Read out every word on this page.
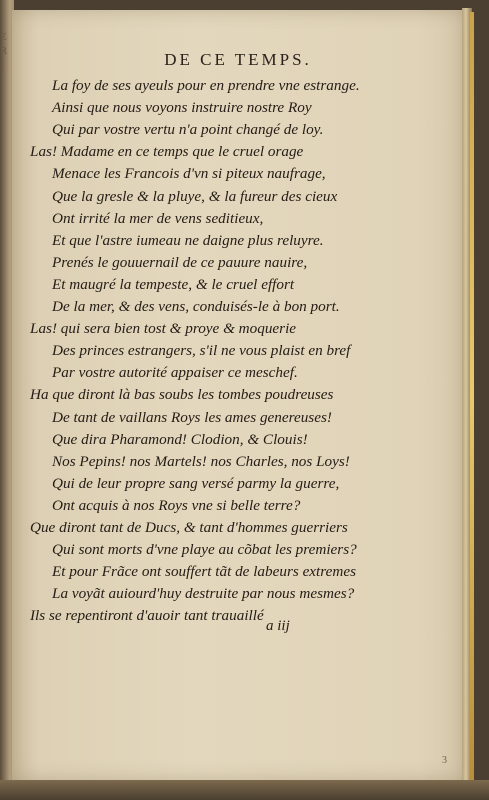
DE CE TEMPS.
La foy de ses ayeuls pour en prendre vne estrange.
Ainsi que nous voyons instruire nostre Roy
Qui par vostre vertu n'a point changé de loy.
Las! Madame en ce temps que le cruel orage
Menace les Francois d'vn si piteux naufrage,
Que la gresle & la pluye, & la fureur des cieux
Ont irrité la mer de vens seditieux,
Et que l'astre iumeau ne daigne plus reluyre.
Prenés le gouuernail de ce pauure nauire,
Et maugré la tempeste, & le cruel effort
De la mer, & des vens, conduisés-le à bon port.
Las! qui sera bien tost & proye & moquerie
Des princes estrangers, s'il ne vous plaist en bref
Par vostre autorité appaiser ce meschef.
Ha que diront là bas soubs les tombes poudreuses
De tant de vaillans Roys les ames genereuses!
Que dira Pharamond! Clodion, & Clouis!
Nos Pepins! nos Martels! nos Charles, nos Loys!
Qui de leur propre sang versé parmy la guerre,
Ont acquis à nos Roys vne si belle terre?
Que diront tant de Ducs, & tant d'hommes guerriers
Qui sont morts d'vne playe au cõbat les premiers?
Et pour Frãce ont souffert tãt de labeurs extremes
La voyãt auiourd'huy destruite par nous mesmes?
Ils se repentiront d'auoir tant trauaillé
a iij
3
E
R
I
